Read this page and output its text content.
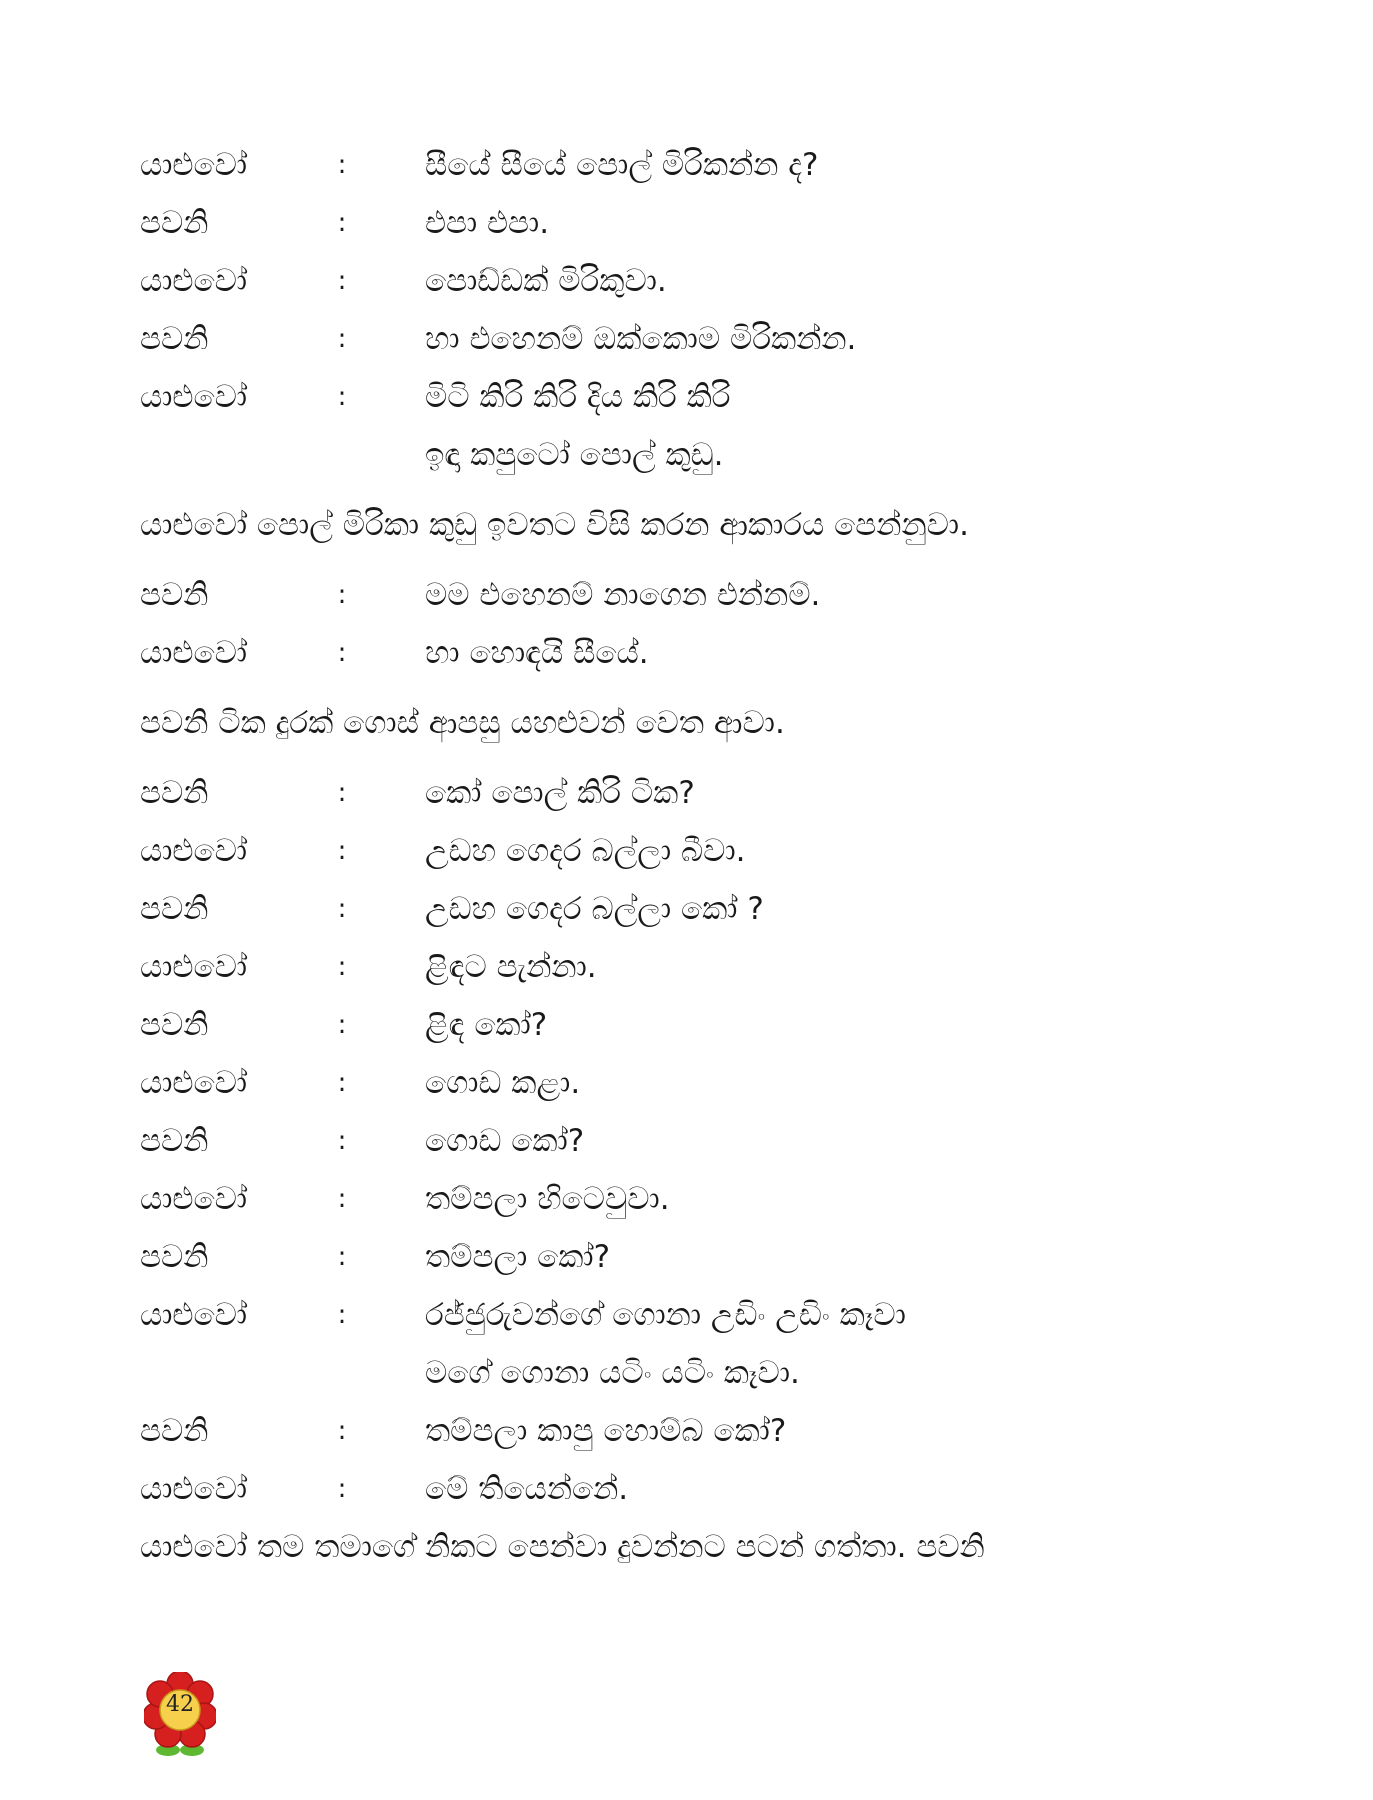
යාළුවෝ	:	සීයේ සීයේ පොල් මිරිකන්න ද?
පවනි	:	එපා එපා.
යාළුවෝ	:	පොඩ්ඩක් මිරිකුවා.
පවනි	:	හා එහෙනම් ඔක්කොම මිරිකන්න.
යාළුවෝ	:	මිටි කිරි කිරි දිය කිරි කිරි
ඉඳා කපුටෝ පොල් කුඩු.
යාළුවෝ පොල් මිරිකා කුඩු ඉවතට විසි කරන ආකාරය පෙන්නුවා.
පවනි	:	මම එහෙනම් නාගෙන එන්නම්.
යාළුවෝ	:	හා හොඳයි සීයේ.
පවනි ටික දුරක් ගොස් ආපසු යහළුවන් වෙත ආවා.
පවනි	:	කෝ පොල් කිරි ටික?
යාළුවෝ	:	උඩහ ගෙදර බල්ලා බීවා.
පවනි	:	උඩහ ගෙදර බල්ලා කෝ ?
යාළුවෝ	:	ළිඳට පැන්නා.
පවනි	:	ළිඳ කෝ?
යාළුවෝ	:	ගොඩ කළා.
පවනි	:	ගොඩ කෝ?
යාළුවෝ	:	තම්පලා හිටෙවුවා.
පවනි	:	තම්පලා කෝ?
යාළුවෝ	:	රජ්ජුරුවන්ගේ ගොනා උඩිං උඩිං කෑවා
මගේ ගොනා යටිං යටිං කෑවා.
පවනි	:	තම්පලා කාපු හොම්බ කෝ?
යාළුවෝ	:	මේ තියෙන්නේ.
යාළුවෝ තම තමාගේ නිකට පෙන්වා දුවන්නට පටන් ගත්තා. පවනි
42
